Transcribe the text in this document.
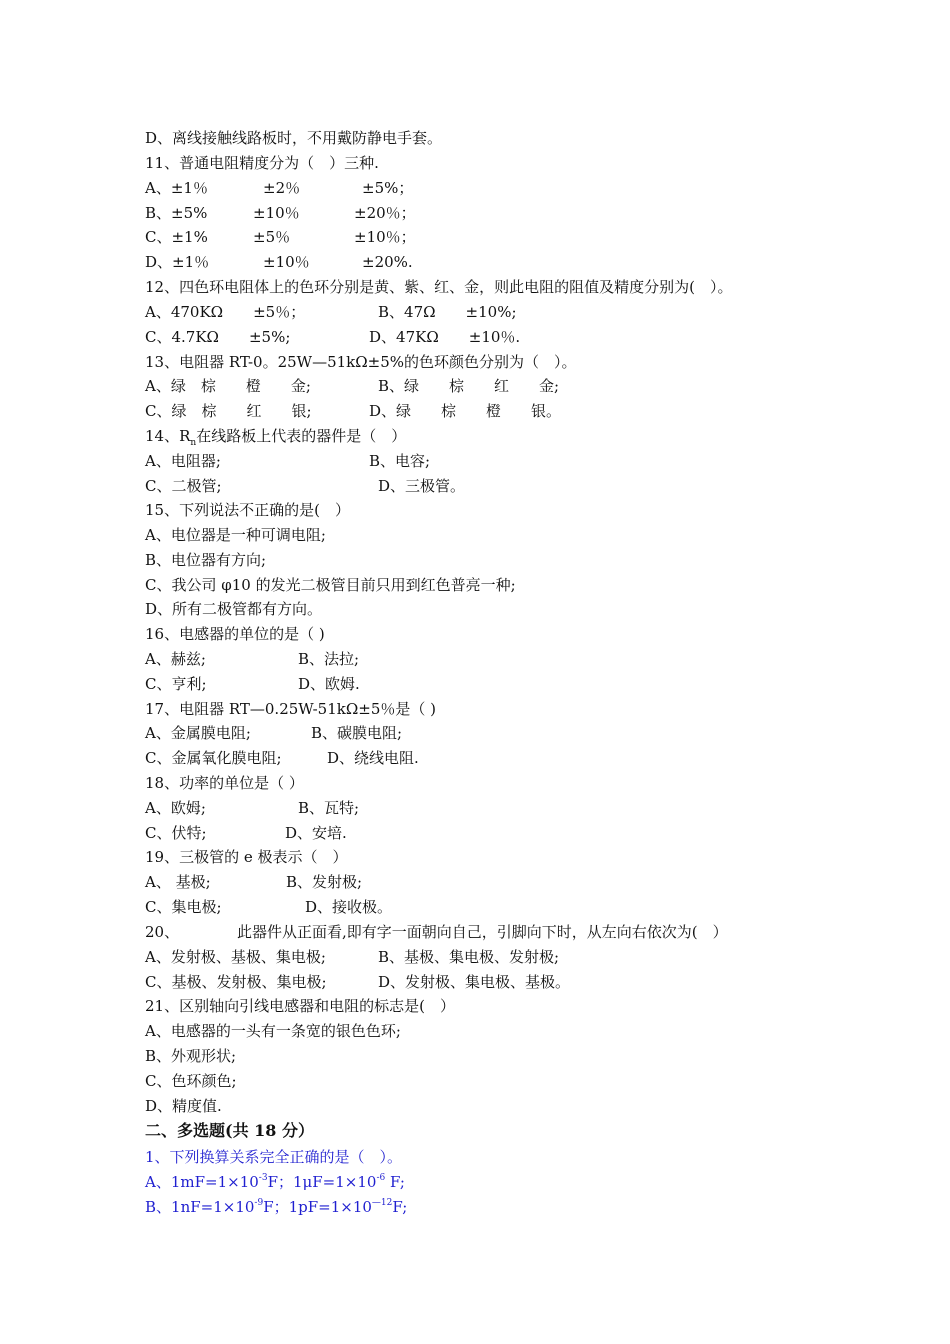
D、离线接触线路板时，不用戴防静电手套。
11、普通电阻精度分为（　）三种.
A、±1％	±2％	±5%；
B、±5%	±10％	±20％；
C、±1%	±5％	±10％；
D、±1％	±10％	±20%.
12、四色环电阻体上的色环分别是黄、紫、红、金，则此电阻的阻值及精度分别为(　）。
A、470KΩ　　±5％；	B、47Ω　　±10%;
C、4.7KΩ　　±5%;	D、47KΩ　　±10％.
13、电阻器 RT-0。25W—51kΩ±5%的色环颜色分别为（　）。
A、绿　棕　　橙　　金;	B、绿　　棕　　红　　金;
C、绿　棕　　红　　银;	D、绿　　棕　　橙　　银。
14、$R_n$在线路板上代表的器件是（　）
A、电阻器;	B、电容;
C、二极管;	D、三极管。
15、下列说法不正确的是(　）
A、电位器是一种可调电阻;
B、电位器有方向;
C、我公司 φ10 的发光二极管目前只用到红色普亮一种;
D、所有二极管都有方向。
16、电感器的单位的是（ )
A、赫兹;	B、法拉;
C、亨利;	D、欧姆.
17、电阻器 RT—0.25W-51kΩ±5％是（ )
A、金属膜电阻;	B、碳膜电阻;
C、金属氧化膜电阻;	D、绕线电阻.
18、功率的单位是（ ）
A、欧姆;	B、瓦特;
C、伏特;	D、安培.
19、三极管的 e 极表示（　）
A、 基极;	B、发射极;
C、集电极;	D、接收极。
20、	此器件从正面看,即有字一面朝向自己，引脚向下时，从左向右依次为(　）
A、发射极、基极、集电极;	B、基极、集电极、发射极;
C、基极、发射极、集电极;	D、发射极、集电极、基极。
21、区别轴向引线电感器和电阻的标志是(　）
A、电感器的一头有一条宽的银色色环;
B、外观形状;
C、色环颜色;
D、精度值.
二、多选题(共 18 分）
1、下列换算关系完全正确的是（　）。
A、$1mF=1\times 10^{-3}F$；$1\mu F=1\times 10^{-6}$ F;
B、$1nF=1\times 10^{-9}F$；$1pF=1\times 10^{—12}F$;
